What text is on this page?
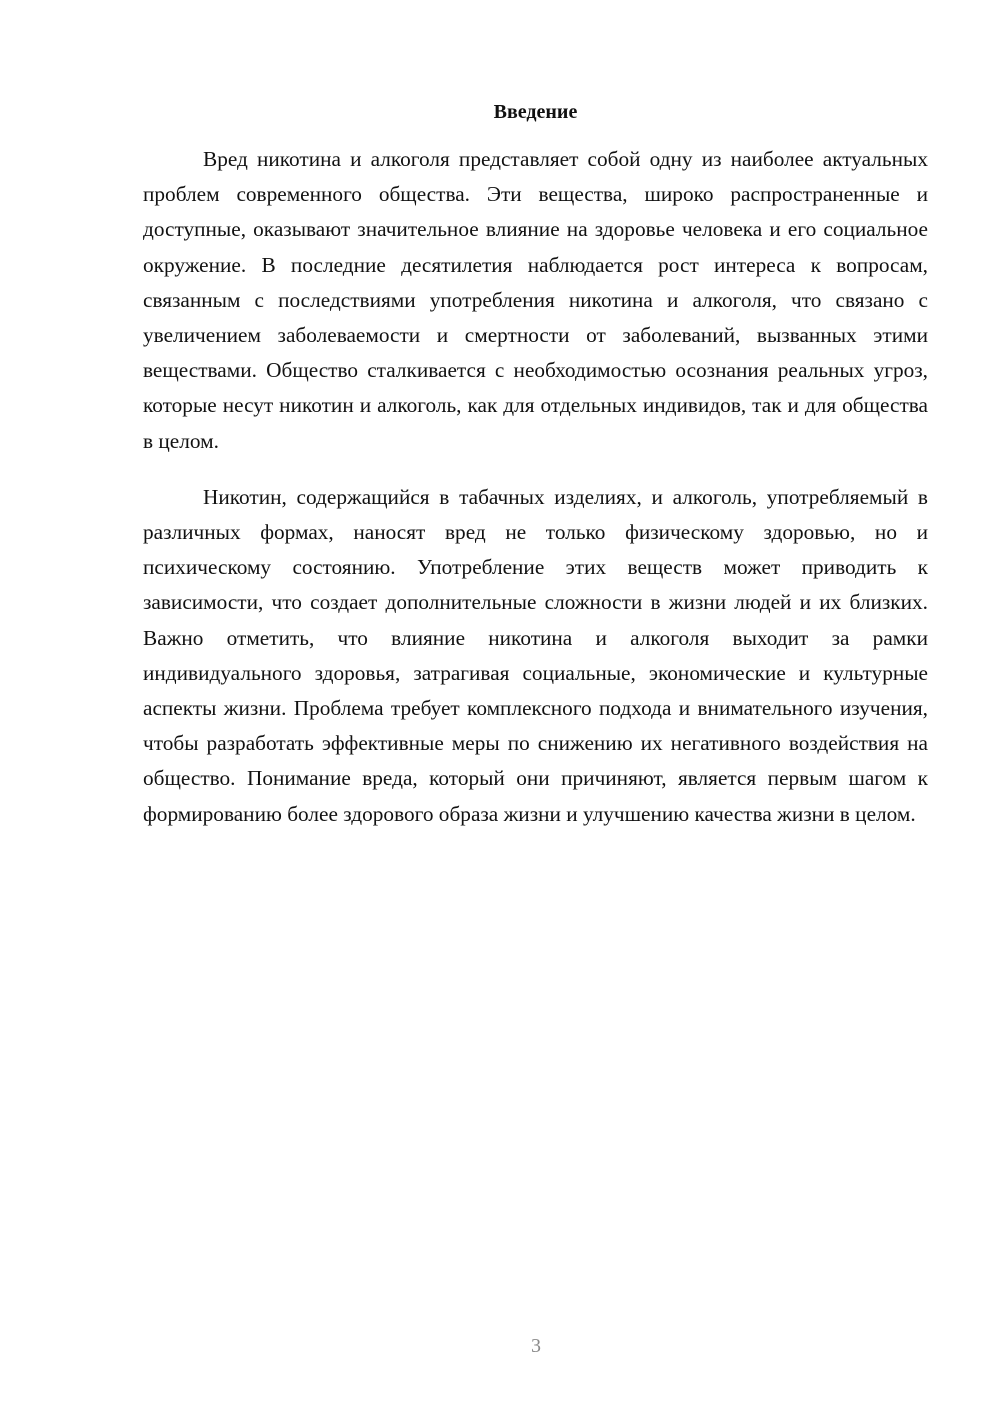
Введение

Вред никотина и алкоголя представляет собой одну из наиболее актуальных проблем современного общества. Эти вещества, широко распространенные и доступные, оказывают значительное влияние на здоровье человека и его социальное окружение. В последние десятилетия наблюдается рост интереса к вопросам, связанным с последствиями употребления никотина и алкоголя, что связано с увеличением заболеваемости и смертности от заболеваний, вызванных этими веществами. Общество сталкивается с необходимостью осознания реальных угроз, которые несут никотин и алкоголь, как для отдельных индивидов, так и для общества в целом.

Никотин, содержащийся в табачных изделиях, и алкоголь, употребляемый в различных формах, наносят вред не только физическому здоровью, но и психическому состоянию. Употребление этих веществ может приводить к зависимости, что создает дополнительные сложности в жизни людей и их близких. Важно отметить, что влияние никотина и алкоголя выходит за рамки индивидуального здоровья, затрагивая социальные, экономические и культурные аспекты жизни. Проблема требует комплексного подхода и внимательного изучения, чтобы разработать эффективные меры по снижению их негативного воздействия на общество. Понимание вреда, который они причиняют, является первым шагом к формированию более здорового образа жизни и улучшению качества жизни в целом.

3
